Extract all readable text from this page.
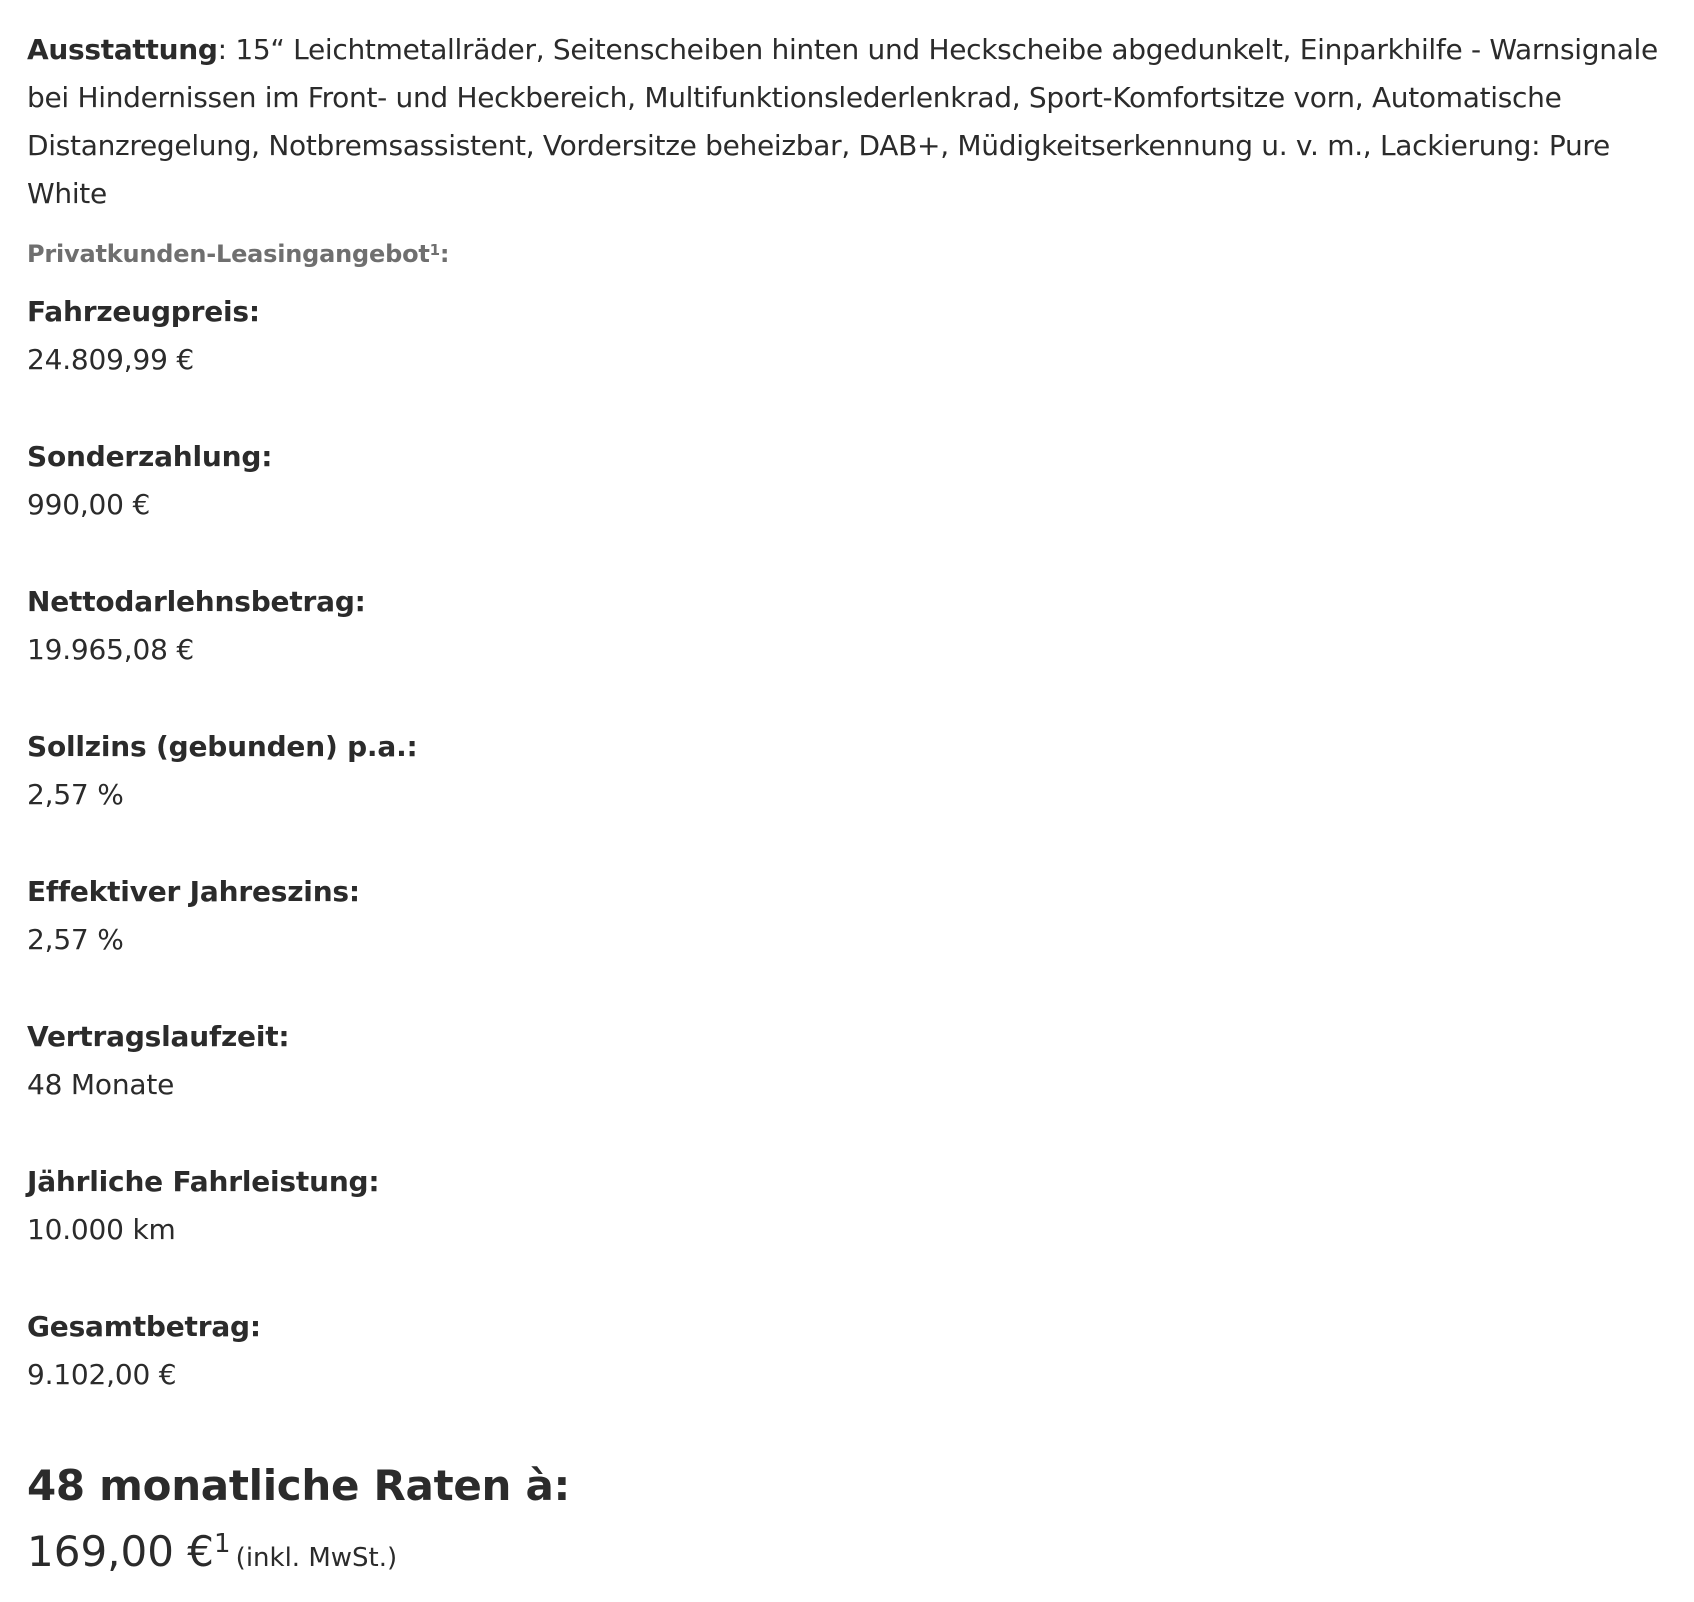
Ausstattung: 15“ Leichtmetallräder, Seitenscheiben hinten und Heckscheibe abgedunkelt, Einparkhilfe - Warnsignale bei Hindernissen im Front- und Heckbereich, Multifunktionslederlenkrad, Sport-Komfortsitze vorn, Automatische Distanzregelung, Notbremsassistent, Vordersitze beheizbar, DAB+, Müdigkeitserkennung u. v. m., Lackierung: Pure White

Privatkunden-Leasingangebot$^1$:
Fahrzeugpreis:
24.809,99 €
Sonderzahlung:
990,00 €
Nettodarlehnsbetrag:
19.965,08 €
Sollzins (gebunden) p.a.:
2,57 %
Effektiver Jahreszins:
2,57 %
Vertragslaufzeit:
48 Monate
Jährliche Fahrleistung:
10.000 km
Gesamtbetrag:
9.102,00 €
48 monatliche Raten à:
169,00 €$^1$ (inkl. MwSt.)
